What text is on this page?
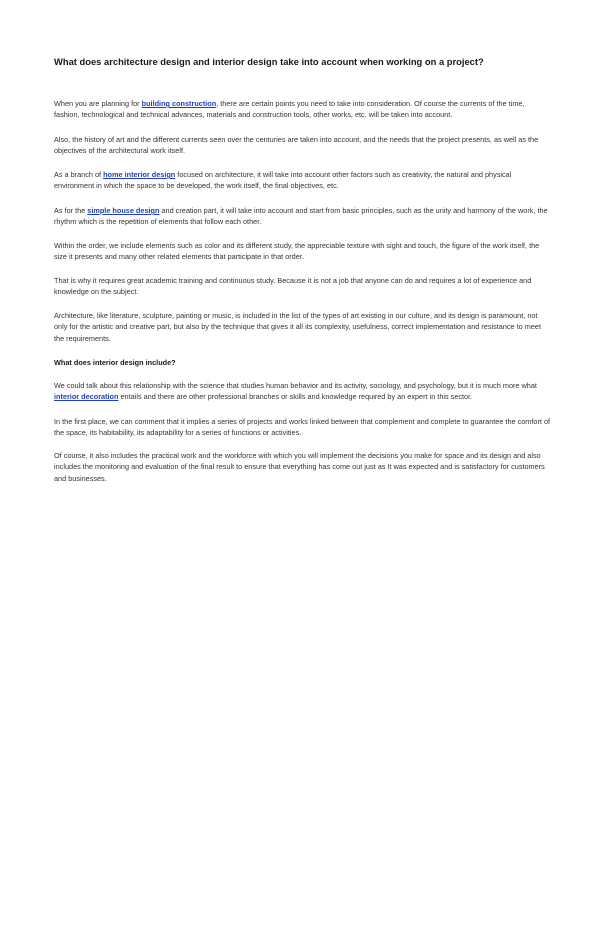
What does architecture design and interior design take into account when working on a project?

When you are planning for building construction, there are certain points you need to take into consideration. Of course the currents of the time, fashion, technological and technical advances, materials and construction tools, other works, etc. will be taken into account.

Also, the history of art and the different currents seen over the centuries are taken into account, and the needs that the project presents, as well as the objectives of the architectural work itself.

As a branch of home interior design focused on architecture, it will take into account other factors such as creativity, the natural and physical environment in which the space to be developed, the work itself, the final objectives, etc.

As for the simple house design and creation part, it will take into account and start from basic principles, such as the unity and harmony of the work, the rhythm which is the repetition of elements that follow each other.

Within the order, we include elements such as color and its different study, the appreciable texture with sight and touch, the figure of the work itself, the size it presents and many other related elements that participate in that order.

That is why it requires great academic training and continuous study. Because it is not a job that anyone can do and requires a lot of experience and knowledge on the subject.

Architecture, like literature, sculpture, painting or music, is included in the list of the types of art existing in our culture, and its design is paramount, not only for the artistic and creative part, but also by the technique that gives it all its complexity, usefulness, correct implementation and resistance to meet the requirements.

What does interior design include?

We could talk about this relationship with the science that studies human behavior and its activity, sociology, and psychology, but it is much more what interior decoration entails and there are other professional branches or skills and knowledge required by an expert in this sector.

In the first place, we can comment that it implies a series of projects and works linked between that complement and complete to guarantee the comfort of the space, its habitability, its adaptability for a series of functions or activities.

Of course, it also includes the practical work and the workforce with which you will implement the decisions you make for space and its design and also includes the monitoring and evaluation of the final result to ensure that everything has come out just as It was expected and is satisfactory for customers and businesses.
